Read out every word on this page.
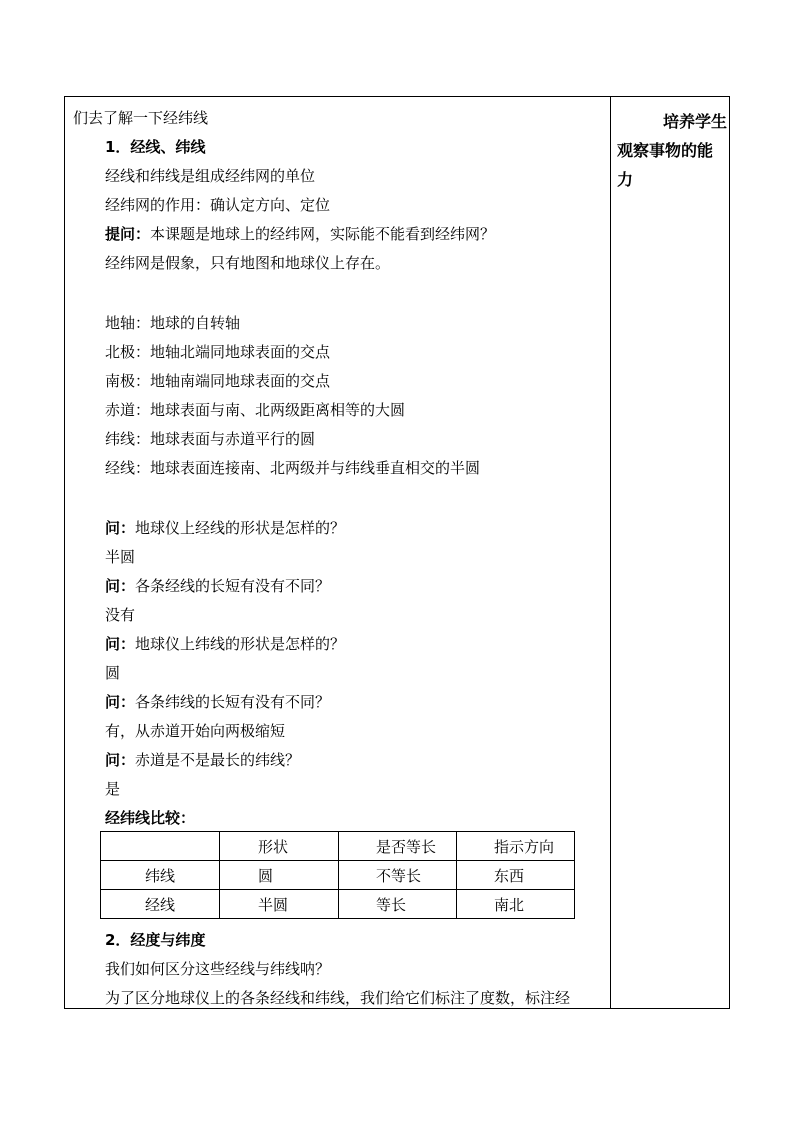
们去了解一下经纬线
1．经线、纬线
经线和纬线是组成经纬网的单位
经纬网的作用：确认定方向、定位
提问：本课题是地球上的经纬网，实际能不能看到经纬网？
经纬网是假象，只有地图和地球仪上存在。
地轴：地球的自转轴
北极：地轴北端同地球表面的交点
南极：地轴南端同地球表面的交点
赤道：地球表面与南、北两级距离相等的大圆
纬线：地球表面与赤道平行的圆
经线：地球表面连接南、北两级并与纬线垂直相交的半圆
问：地球仪上经线的形状是怎样的？
半圆
问：各条经线的长短有没有不同？
没有
问：地球仪上纬线的形状是怎样的？
圆
问：各条纬线的长短有没有不同？
有，从赤道开始向两极缩短
问：赤道是不是最长的纬线？
是
经纬线比较：
2．经度与纬度
我们如何区分这些经线与纬线呐？
为了区分地球仪上的各条经线和纬线，我们给它们标注了度数，标注经
	形状	是否等长	指示方向
纬线	圆	不等长	东西
经线	半圆	等长	南北
培养学生
观察事物的能
力
